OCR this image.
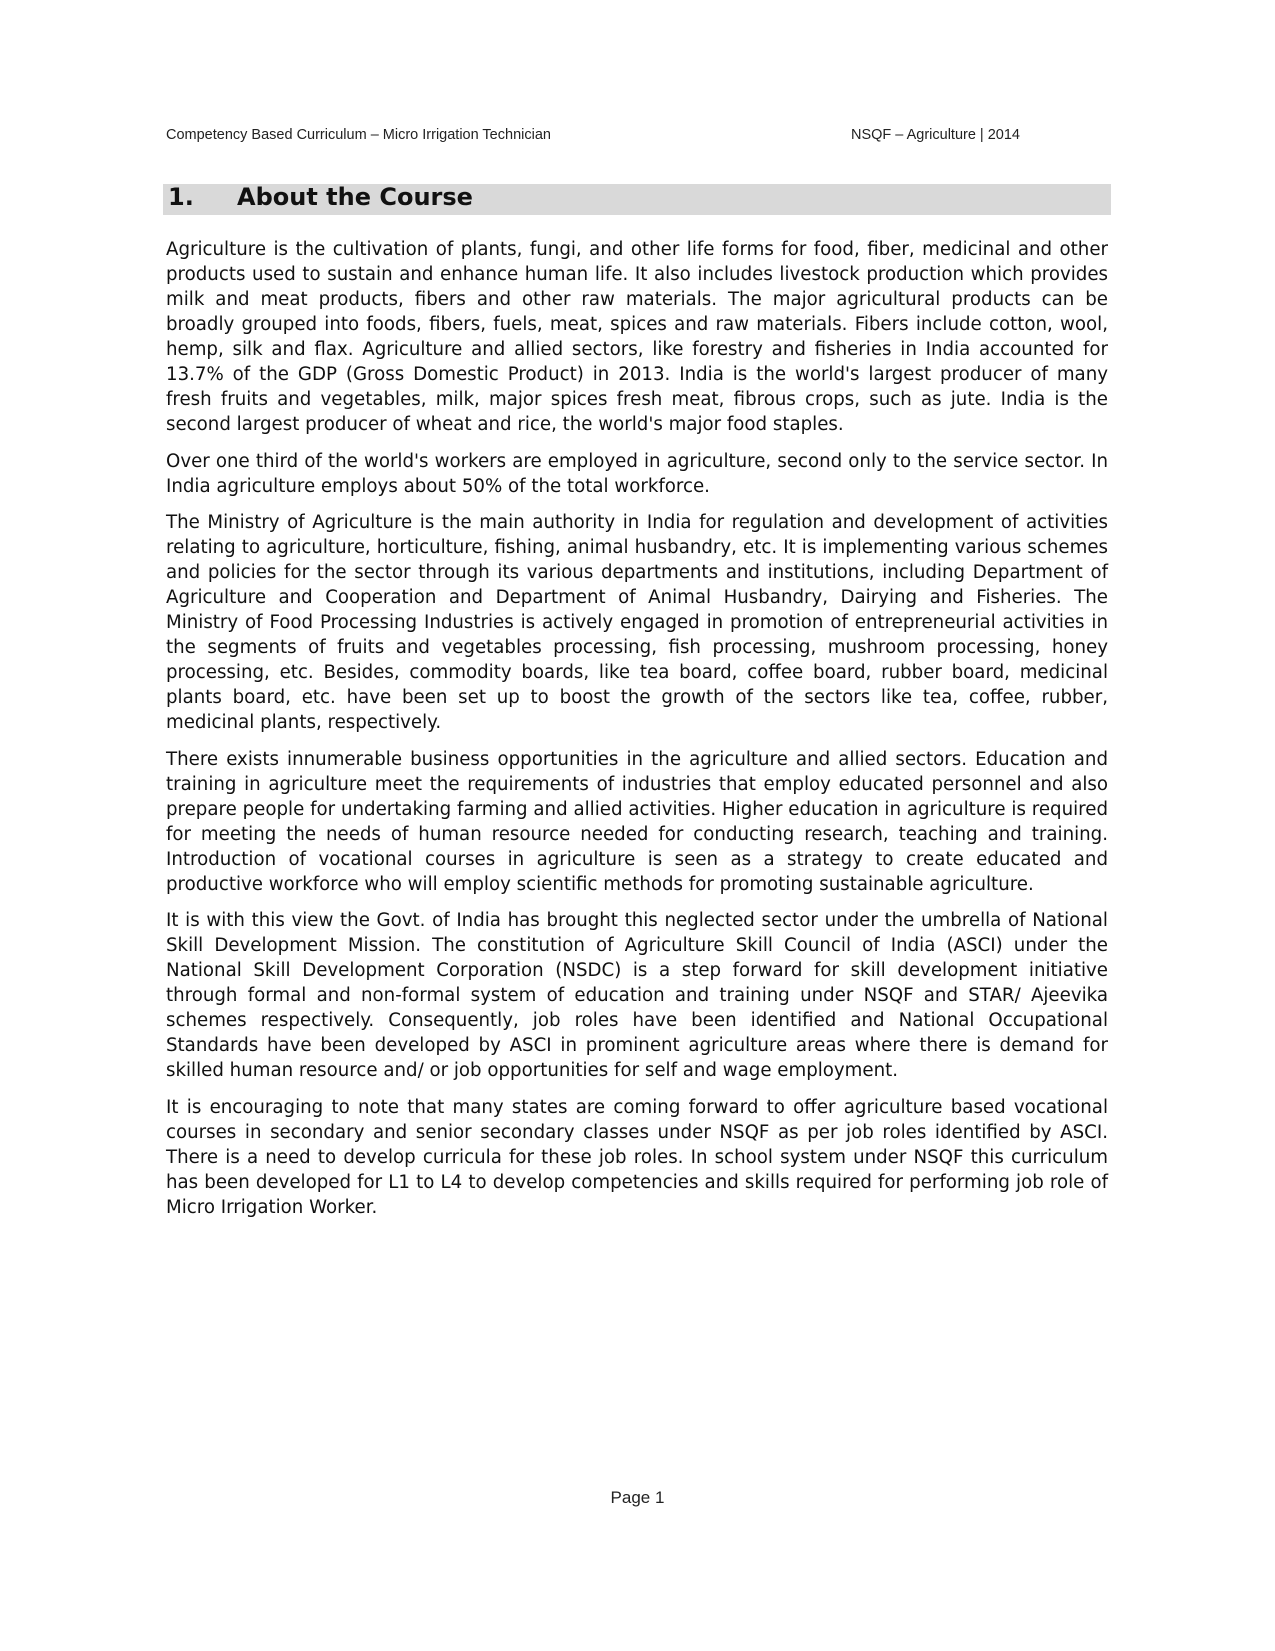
Competency Based Curriculum – Micro Irrigation Technician	NSQF – Agriculture | 2014
1. About the Course

Agriculture is the cultivation of plants, fungi, and other life forms for food, fiber, medicinal and other products used to sustain and enhance human life. It also includes livestock production which provides milk and meat products, fibers and other raw materials. The major agricultural products can be broadly grouped into foods, fibers, fuels, meat, spices and raw materials. Fibers include cotton, wool, hemp, silk and flax. Agriculture and allied sectors, like forestry and fisheries in India accounted for 13.7% of the GDP (Gross Domestic Product) in 2013. India is the world's largest producer of many fresh fruits and vegetables, milk, major spices fresh meat, fibrous crops, such as jute. India is the second largest producer of wheat and rice, the world's major food staples.

Over one third of the world's workers are employed in agriculture, second only to the service sector. In India agriculture employs about 50% of the total workforce.

The Ministry of Agriculture is the main authority in India for regulation and development of activities relating to agriculture, horticulture, fishing, animal husbandry, etc. It is implementing various schemes and policies for the sector through its various departments and institutions, including Department of Agriculture and Cooperation and Department of Animal Husbandry, Dairying and Fisheries. The Ministry of Food Processing Industries is actively engaged in promotion of entrepreneurial activities in the segments of fruits and vegetables processing, fish processing, mushroom processing, honey processing, etc. Besides, commodity boards, like tea board, coffee board, rubber board, medicinal plants board, etc. have been set up to boost the growth of the sectors like tea, coffee, rubber, medicinal plants, respectively.

There exists innumerable business opportunities in the agriculture and allied sectors. Education and training in agriculture meet the requirements of industries that employ educated personnel and also prepare people for undertaking farming and allied activities. Higher education in agriculture is required for meeting the needs of human resource needed for conducting research, teaching and training. Introduction of vocational courses in agriculture is seen as a strategy to create educated and productive workforce who will employ scientific methods for promoting sustainable agriculture.

It is with this view the Govt. of India has brought this neglected sector under the umbrella of National Skill Development Mission. The constitution of Agriculture Skill Council of India (ASCI) under the National Skill Development Corporation (NSDC) is a step forward for skill development initiative through formal and non-formal system of education and training under NSQF and STAR/ Ajeevika schemes respectively. Consequently, job roles have been identified and National Occupational Standards have been developed by ASCI in prominent agriculture areas where there is demand for skilled human resource and/ or job opportunities for self and wage employment.

It is encouraging to note that many states are coming forward to offer agriculture based vocational courses in secondary and senior secondary classes under NSQF as per job roles identified by ASCI. There is a need to develop curricula for these job roles. In school system under NSQF this curriculum has been developed for L1 to L4 to develop competencies and skills required for performing job role of Micro Irrigation Worker.

Page 1
